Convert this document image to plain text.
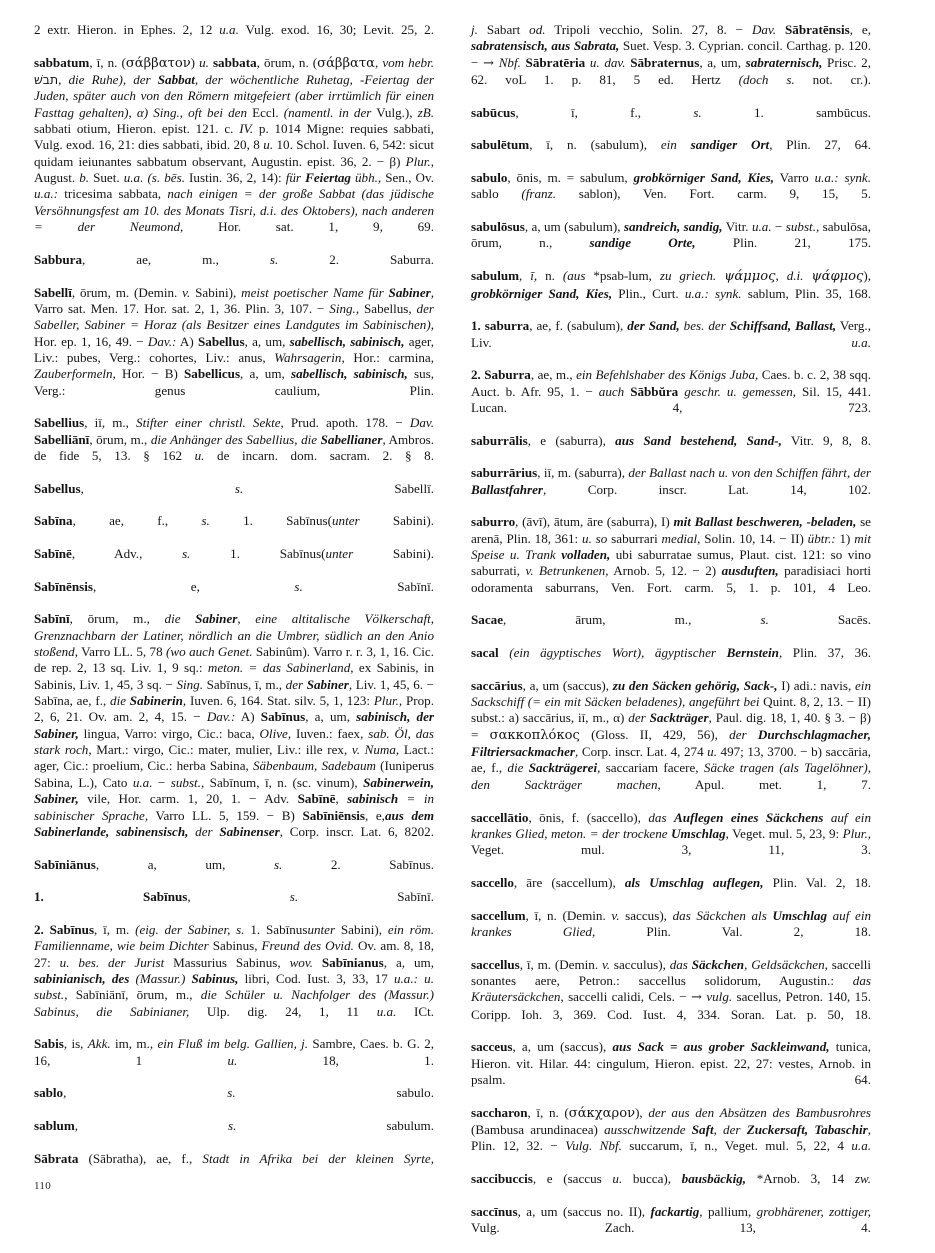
2 extr. Hieron. in Ephes. 2, 12 u.a. Vulg. exod. 16, 30; Levit. 25, 2.

sabbatum, ī, n. (σάββατον) u. sabbata, ōrum, n. (σάββατα, vom hebr. תבשׁ, die Ruhe), der Sabbat, der wöchentliche Ruhetag, -Feiertag der Juden, später auch von den Römern mitgefeiert (aber irrtümlich für einen Fasttag gehalten), α) Sing., oft bei den Eccl. (namentl. in der Vulg.), zB. sabbati otium, Hieron. epist. 121. c. IV. p. 1014 Migne: requies sabbati, Vulg. exod. 16, 21: dies sabbati, ibid. 20, 8 u. 10. Schol. Iuven. 6, 542: sicut quidam ieiunantes sabbatum observant, Augustin. epist. 36, 2. − β) Plur., August. b. Suet. u.a. (s. bēs. Iustin. 36, 2, 14): für Feiertag übh., Sen., Ov. u.a.: tricesima sabbata, nach einigen = der große Sabbat (das jüdische Versöhnungsfest am 10. des Monats Tisri, d.i. des Oktobers), nach anderen = der Neumond, Hor. sat. 1, 9, 69.

Sabbura, ae, m., s. 2. Saburra.

Sabellī, ōrum, m. (Demin. v. Sabini), meist poetischer Name für Sabiner, Varro sat. Men. 17. Hor. sat. 2, 1, 36. Plin. 3, 107. − Sing., Sabellus, der Sabeller, Sabiner = Horaz (als Besitzer eines Landgutes im Sabinischen), Hor. ep. 1, 16, 49. − Dav.: A) Sabellus, a, um, sabellisch, sabinisch, ager, Liv.: pubes, Verg.: cohortes, Liv.: anus, Wahrsagerin, Hor.: carmina, Zauberformeln, Hor. − B) Sabellicus, a, um, sabellisch, sabinisch, sus, Verg.: genus caulium, Plin.

Sabellius, iī, m., Stifter einer christl. Sekte, Prud. apoth. 178. − Dav. Sabelliānī, ōrum, m., die Anhänger des Sabellius, die Sabellianer, Ambros. de fide 5, 13. § 162 u. de incarn. dom. sacram. 2. § 8.

Sabellus, s. Sabellī.

Sabīna, ae, f., s. 1. Sabīnus(unter Sabini).

Sabīnē, Adv., s. 1. Sabīnus(unter Sabini).

Sabīnēnsis, e, s. Sabīnī.

Sabīnī, ōrum, m., die Sabiner, eine altitalische Völkerschaft, Grenznachbarn der Latiner, nördlich an die Umbrer, südlich an den Anio stoßend, Varro LL. 5, 78 (wo auch Genet. Sabinûm). Varro r. r. 3, 1, 16. Cic. de rep. 2, 13 sq. Liv. 1, 9 sq.: meton. = das Sabinerland, ex Sabinis, in Sabinis, Liv. 1, 45, 3 sq. − Sing. Sabīnus, ī, m., der Sabiner, Liv. 1, 45, 6. − Sabīna, ae, f., die Sabinerin, Iuven. 6, 164. Stat. silv. 5, 1, 123: Plur., Prop. 2, 6, 21. Ov. am. 2, 4, 15. − Dav.: A) Sabīnus, a, um, sabinisch, der Sabiner, lingua, Varro: virgo, Cic.: baca, Olive, Iuven.: faex, sab. Öl, das stark roch, Mart.: virgo, Cic.: mater, mulier, Liv.: ille rex, v. Numa, Lact.: ager, Cic.: proelium, Cic.: herba Sabina, Säbenbaum, Sadebaum (Iuniperus Sabina, L.), Cato u.a. − subst., Sabīnum, ī, n. (sc. vinum), Sabinerwein, Sabiner, vile, Hor. carm. 1, 20, 1. − Adv. Sabīnē, sabinisch = in sabinischer Sprache, Varro LL. 5, 159. − B) Sabīniēnsis, e,aus dem Sabinerlande, sabinensisch, der Sabinenser, Corp. inscr. Lat. 6, 8202.

Sabīniānus, a, um, s. 2. Sabīnus.

1. Sabīnus, s. Sabīnī.

2. Sabīnus, ī, m. (eig. der Sabiner, s. 1. Sabīnusunter Sabini), ein röm. Familienname, wie beim Dichter Sabinus, Freund des Ovid. Ov. am. 8, 18, 27: u. bes. der Jurist Massurius Sabinus, wov. Sabīnianus, a, um, sabinianisch, des (Massur.) Sabinus, libri, Cod. Iust. 3, 33, 17 u.a.: u. subst., Sabīniānī, ōrum, m., die Schüler u. Nachfolger des (Massur.) Sabinus, die Sabinianer, Ulp. dig. 24, 1, 11 u.a. ICt.

Sabis, is, Akk. im, m., ein Fluß im belg. Gallien, j. Sambre, Caes. b. G. 2, 16, 1 u. 18, 1.

sablo, s. sabulo.

sablum, s. sabulum.

Sābrata (Sābratha), ae, f., Stadt in Afrika bei der kleinen Syrte,

j. Sabart od. Tripoli vecchio, Solin. 27, 8. − Dav. Sābratēnsis, e, sabratensisch, aus Sabrata, Suet. Vesp. 3. Cyprian. concil. Carthag. p. 120. − → Nbf. Sābratēria u. dav. Sābraternus, a, um, sabraternisch, Prisc. 2, 62. voL 1. p. 81, 5 ed. Hertz (doch s. not. cr.).

sabūcus, ī, f., s. 1. sambūcus.

sabulētum, ī, n. (sabulum), ein sandiger Ort, Plin. 27, 64.

sabulo, ōnis, m. = sabulum, grobkörniger Sand, Kies, Varro u.a.: synk. sablo (franz. sablon), Ven. Fort. carm. 9, 15, 5.

sabulōsus, a, um (sabulum), sandreich, sandig, Vitr. u.a. − subst., sabulōsa, ōrum, n., sandige Orte, Plin. 21, 175.

sabulum, ī, n. (aus *psab-lum, zu griech. ψάμμος, d.i. ψάφμος), grobkörniger Sand, Kies, Plin., Curt. u.a.: synk. sablum, Plin. 35, 168.

1. saburra, ae, f. (sabulum), der Sand, bes. der Schiffsand, Ballast, Verg., Liv. u.a.

2. Saburra, ae, m., ein Befehlshaber des Königs Juba, Caes. b. c. 2, 38 sqq. Auct. b. Afr. 95, 1. − auch Sābbŭra geschr. u. gemessen, Sil. 15, 441. Lucan. 4, 723.

saburrālis, e (saburra), aus Sand bestehend, Sand-, Vitr. 9, 8, 8.

saburrārius, iī, m. (saburra), der Ballast nach u. von den Schiffen fährt, der Ballastfahrer, Corp. inscr. Lat. 14, 102.

saburro, (āvī), ātum, āre (saburra), I) mit Ballast beschweren, -beladen, se arenā, Plin. 18, 361: u. so saburrari medial, Solin. 10, 14. − II) übtr.: 1) mit Speise u. Trank volladen, ubi saburratae sumus, Plaut. cist. 121: so vino saburrati, v. Betrunkenen, Arnob. 5, 12. − 2) ausduften, paradisiaci horti odoramenta saburrans, Ven. Fort. carm. 5, 1. p. 101, 4 Leo.

Sacae, ārum, m., s. Sacēs.

sacal (ein ägyptisches Wort), ägyptischer Bernstein, Plin. 37, 36.

saccārius, a, um (saccus), zu den Säcken gehörig, Sack-, I) adi.: navis, ein Sackschiff (= ein mit Säcken beladenes), angeführt bei Quint. 8, 2, 13. − II) subst.: a) saccārius, iī, m., α) der Sackträger, Paul. dig. 18, 1, 40. § 3. − β) = σακκοπλόκος (Gloss. II, 429, 56), der Durchschlagmacher, Filtriersackmacher, Corp. inscr. Lat. 4, 274 u. 497; 13, 3700. − b) saccāria, ae, f., die Sackträgerei, saccariam facere, Säcke tragen (als Tagelöhner), den Sackträger machen, Apul. met. 1, 7.

saccellātio, ōnis, f. (saccello), das Auflegen eines Säckchens auf ein krankes Glied, meton. = der trockene Umschlag, Veget. mul. 5, 23, 9: Plur., Veget. mul. 3, 11, 3.

saccello, āre (saccellum), als Umschlag auflegen, Plin. Val. 2, 18.

saccellum, ī, n. (Demin. v. saccus), das Säckchen als Umschlag auf ein krankes Glied, Plin. Val. 2, 18.

saccellus, ī, m. (Demin. v. sacculus), das Säckchen, Geldsäckchen, saccelli sonantes aere, Petron.: saccellus solidorum, Augustin.: das Kräutersäckchen, saccelli calidi, Cels. − → vulg. sacellus, Petron. 140, 15. Coripp. Ioh. 3, 369. Cod. Iust. 4, 334. Soran. Lat. p. 50, 18.

sacceus, a, um (saccus), aus Sack = aus grober Sackleinwand, tunica, Hieron. vit. Hilar. 44: cingulum, Hieron. epist. 22, 27: vestes, Arnob. in psalm. 64.

saccharon, ī, n. (σάκχαρον), der aus den Absätzen des Bambusrohres (Bambusa arundinacea) ausschwitzende Saft, der Zuckersaft, Tabaschir, Plin. 12, 32. − Vulg. Nbf. succarum, ī, n., Veget. mul. 5, 22, 4 u.a.

saccibuccis, e (saccus u. bucca), bausbäckig, *Arnob. 3, 14 zw.

saccīnus, a, um (saccus no. II), fackartig, pallium, grobhärener, zottiger, Vulg. Zach. 13, 4.

110
